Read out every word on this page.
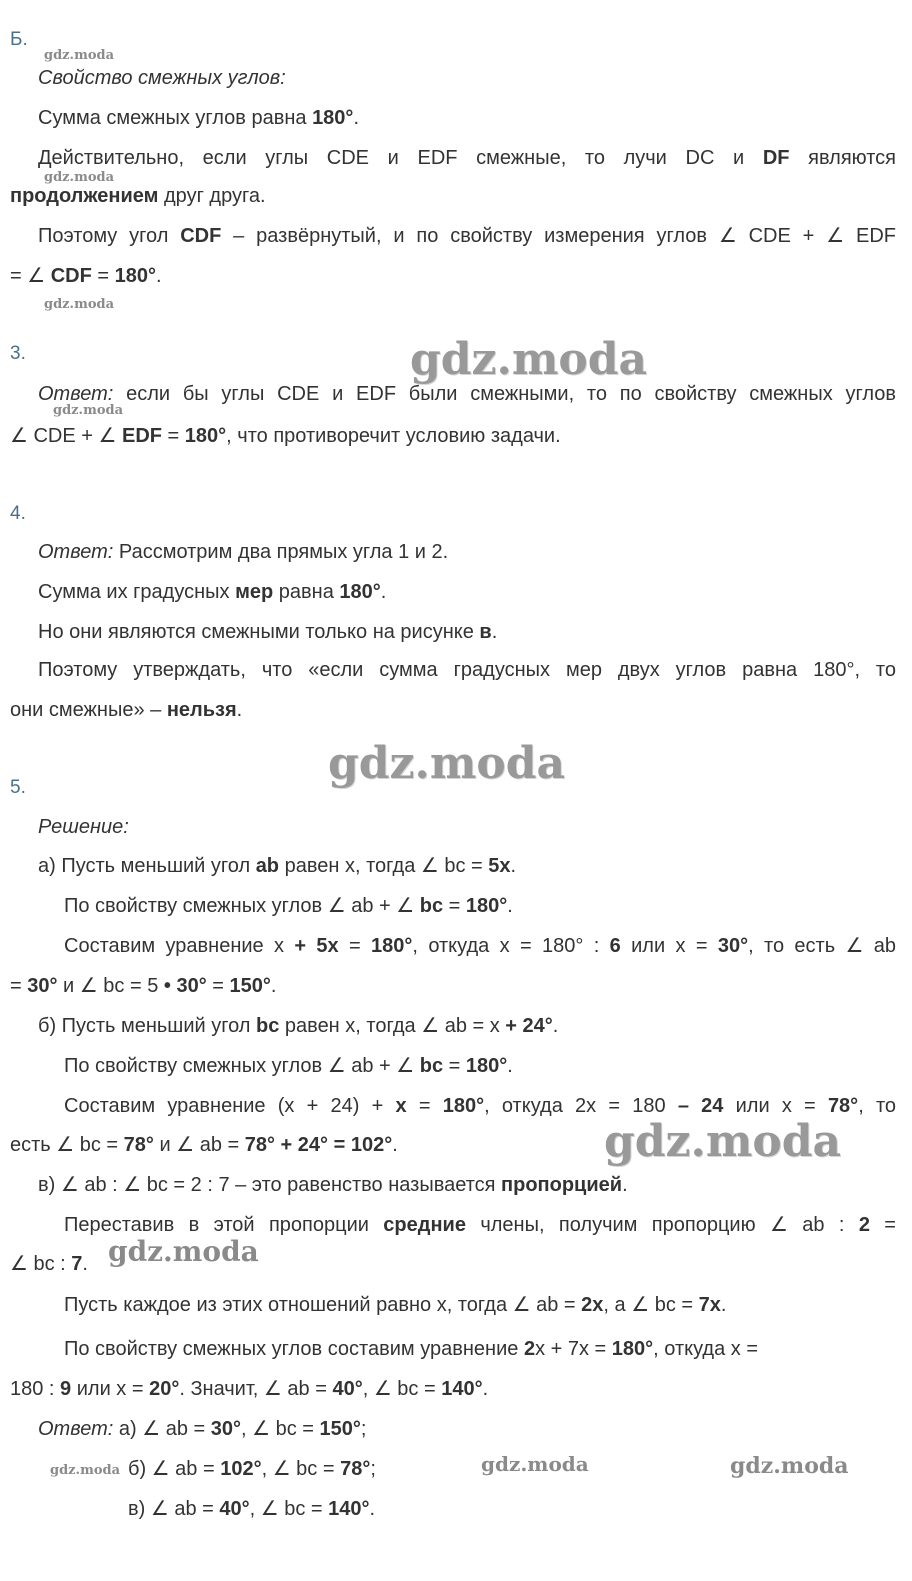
gdz.moda
gdz.moda
gdz.moda
gdz.moda
gdz.moda
gdz.moda
gdz.moda
gdz.moda
gdz.moda	gdz.moda	gdz.moda
Б.
Свойство смежных углов:
Сумма смежных углов равна 180°.
Действительно, если углы CDE и EDF смежные, то лучи DC и DF являются
продолжением друг друга.
Поэтому угол CDF – развёрнутый, и по свойству измерения углов ∠ CDE + ∠ EDF
= ∠ CDF = 180°.
3.
Ответ: если бы углы CDE и EDF были смежными, то по свойству смежных углов
∠ CDE + ∠ EDF = 180°, что противоречит условию задачи.
4.
Ответ: Рассмотрим два прямых угла 1 и 2.
Сумма их градусных мер равна 180°.
Но они являются смежными только на рисунке в.
Поэтому утверждать, что «если сумма градусных мер двух углов равна 180°, то
они смежные» – нельзя.
5.
Решение:
а) Пусть меньший угол ab равен x, тогда ∠ bc = 5x.
По свойству смежных углов ∠ ab + ∠ bc = 180°.
Составим уравнение x + 5x = 180°, откуда x = 180° : 6 или x = 30°, то есть ∠ ab
= 30° и ∠ bc = 5 • 30° = 150°.
б) Пусть меньший угол bc равен x, тогда ∠ ab = x + 24°.
По свойству смежных углов ∠ ab + ∠ bc = 180°.
Составим уравнение (x + 24) + x = 180°, откуда 2x = 180 – 24 или x = 78°, то
есть ∠ bc = 78° и ∠ ab = 78° + 24° = 102°.
в) ∠ ab : ∠ bc = 2 : 7 – это равенство называется пропорцией.
Переставив в этой пропорции средние члены, получим пропорцию ∠ ab : 2 =
∠ bc : 7.
Пусть каждое из этих отношений равно x, тогда ∠ ab = 2x, а ∠ bc = 7x.
По свойству смежных углов составим уравнение 2x + 7x = 180°, откуда x =
180 : 9 или x = 20°. Значит, ∠ ab = 40°, ∠ bc = 140°.
Ответ: а) ∠ ab = 30°, ∠ bc = 150°;
б) ∠ ab = 102°, ∠ bc = 78°;
в) ∠ ab = 40°, ∠ bc = 140°.
